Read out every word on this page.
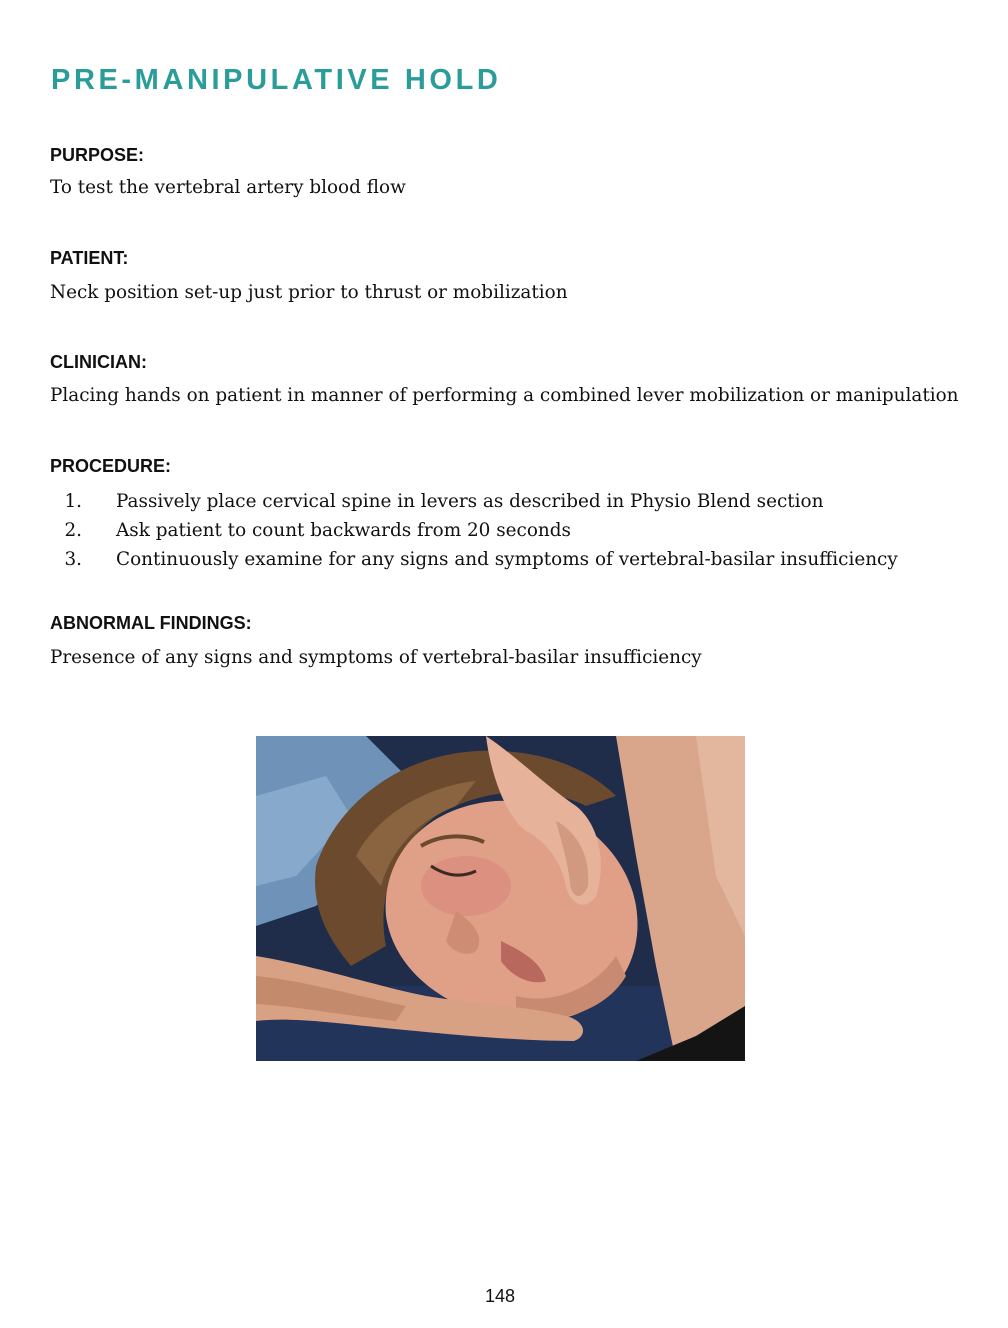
PRE-MANIPULATIVE HOLD
PURPOSE:
To test the vertebral artery blood flow
PATIENT:
Neck position set-up just prior to thrust or mobilization
CLINICIAN:
Placing hands on patient in manner of performing a combined lever mobilization or manipulation
PROCEDURE:
1. Passively place cervical spine in levers as described in Physio Blend section
2. Ask patient to count backwards from 20 seconds
3. Continuously examine for any signs and symptoms of vertebral-basilar insufficiency
ABNORMAL FINDINGS:
Presence of any signs and symptoms of vertebral-basilar insufficiency
148
